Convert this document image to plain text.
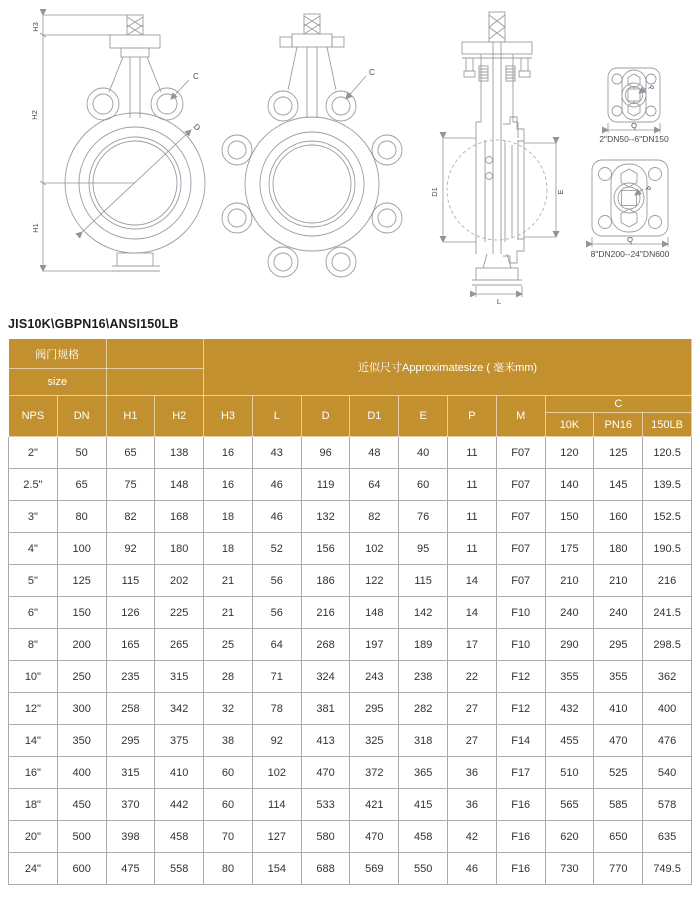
H3
H2
H1
C
D
C
D1	E
L
P
Q
2"DN50--6"DN150
P
Q
8"DN200--24"DN600
JIS10K\GBPN16\ANSI150LB
阀门规格				近似尺寸Approximatesize ( 毫米mm)									
size													
NPS	DN	H1	H2	H3	L	D	D1	E	P	M	C		
											10K	PN16	150LB
2"	50	65	138	16	43	96	48	40	11	F07	120	125	120.5
2.5"	65	75	148	16	46	119	64	60	11	F07	140	145	139.5
3"	80	82	168	18	46	132	82	76	11	F07	150	160	152.5
4"	100	92	180	18	52	156	102	95	11	F07	175	180	190.5
5"	125	115	202	21	56	186	122	115	14	F07	210	210	216
6"	150	126	225	21	56	216	148	142	14	F10	240	240	241.5
8"	200	165	265	25	64	268	197	189	17	F10	290	295	298.5
10"	250	235	315	28	71	324	243	238	22	F12	355	355	362
12"	300	258	342	32	78	381	295	282	27	F12	432	410	400
14"	350	295	375	38	92	413	325	318	27	F14	455	470	476
16"	400	315	410	60	102	470	372	365	36	F17	510	525	540
18"	450	370	442	60	114	533	421	415	36	F16	565	585	578
20"	500	398	458	70	127	580	470	458	42	F16	620	650	635
24"	600	475	558	80	154	688	569	550	46	F16	730	770	749.5
